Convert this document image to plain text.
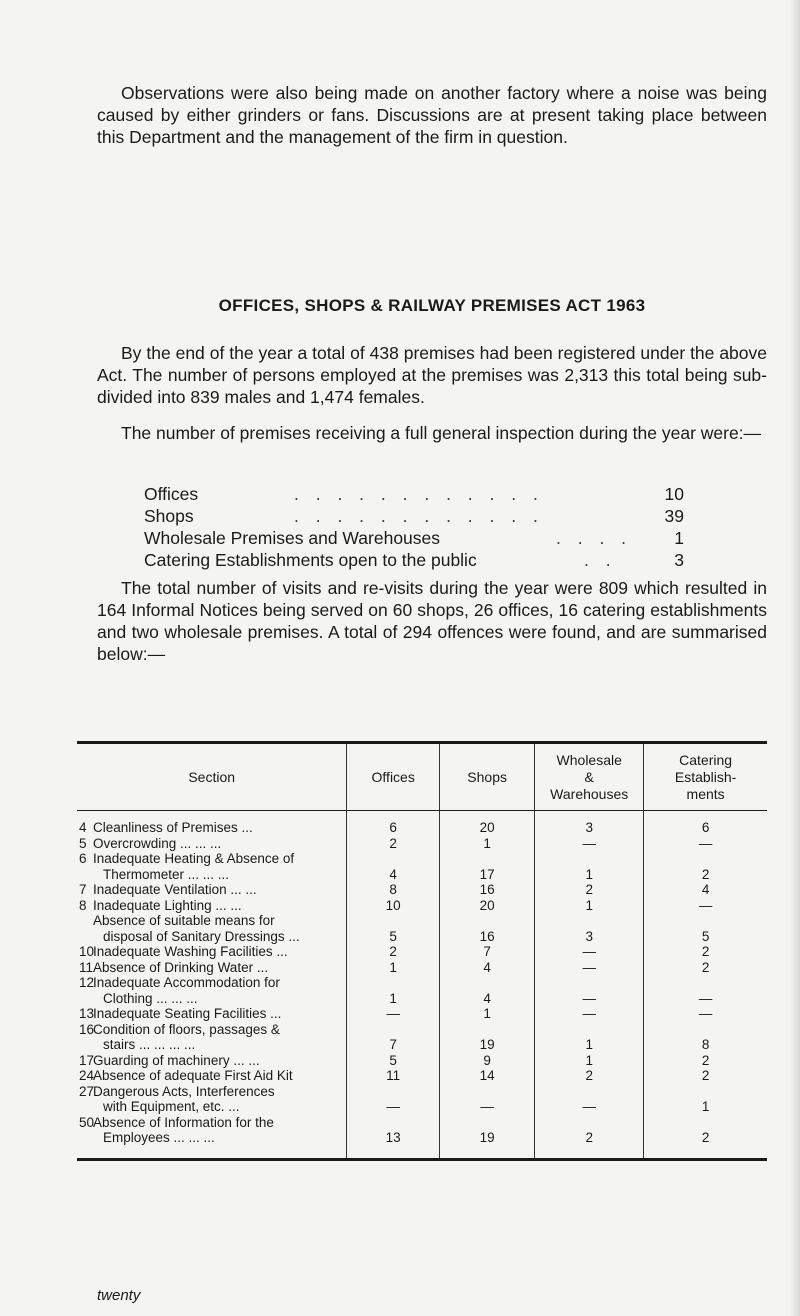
Observations were also being made on another factory where a noise was being caused by either grinders or fans. Discussions are at present taking place between this Department and the management of the firm in question.

OFFICES, SHOPS & RAILWAY PREMISES ACT 1963

By the end of the year a total of 438 premises had been registered under the above Act. The number of persons employed at the premises was 2,313 this total being sub-divided into 839 males and 1,474 females.

The number of premises receiving a full general inspection during the year were:—

Offices	. . . . . . . . . . . .	10
Shops	. . . . . . . . . . . .	39
Wholesale Premises and Warehouses	. . . .	1
Catering Establishments open to the public	. .	3

The total number of visits and re-visits during the year were 809 which resulted in 164 Informal Notices being served on 60 shops, 26 offices, 16 catering establishments and two wholesale premises. A total of 294 offences were found, and are summarised below:—

Section	Offices	Shops	Wholesale
&
Warehouses	Catering
Establish-
ments

4 Cleanliness of Premises ...	6	20	3	6

5 Overcrowding ... ... ...	2	1	—	—

6 Inadequate Heating & Absence of
Thermometer ... ... ...	4	17	1	2

7 Inadequate Ventilation ... ...	8	16	2	4

8 Inadequate Lighting ... ...	10	20	1	—

Absence of suitable means for
disposal of Sanitary Dressings ...	5	16	3	5

10
Inadequate Washing Facilities ...	2	7	—	2

11 Absence of Drinking Water ...	1	4	—	2

12
Inadequate Accommodation for
Clothing ... ... ...	1	4	—	—

13
Inadequate Seating Facilities ...	—	1	—	—

16
Condition of floors, passages &
stairs ... ... ... ...	7	19	1	8

17
Guarding of machinery ... ...	5	9	1	2

24
Absence of adequate First Aid Kit	11	14	2	2

27
Dangerous Acts, Interferences
with Equipment, etc. ...	—	—	—	1

50
Absence of Information for the
Employees ... ... ...	13	19	2	2
twenty
